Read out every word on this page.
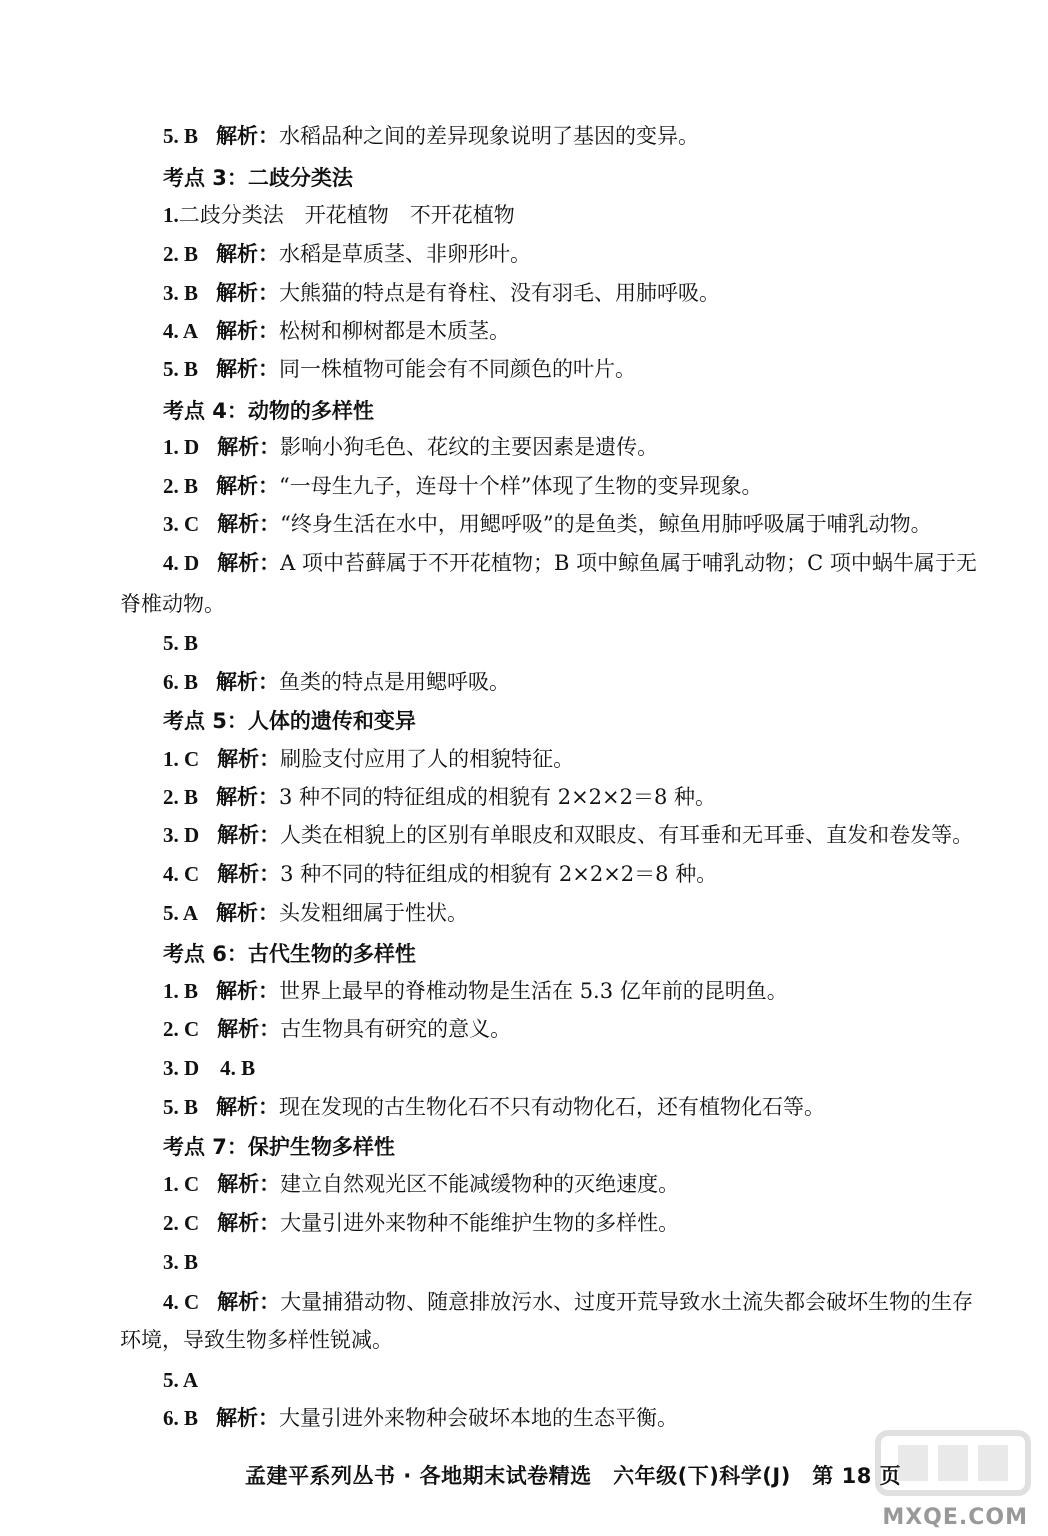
5. B 解析：水稻品种之间的差异现象说明了基因的变异。
考点 3：二歧分类法
1.二歧分类法　开花植物　不开花植物
2. B 解析：水稻是草质茎、非卵形叶。
3. B 解析：大熊猫的特点是有脊柱、没有羽毛、用肺呼吸。
4. A 解析：松树和柳树都是木质茎。
5. B 解析：同一株植物可能会有不同颜色的叶片。
考点 4：动物的多样性
1. D 解析：影响小狗毛色、花纹的主要因素是遗传。
2. B 解析：“一母生九子，连母十个样”体现了生物的变异现象。
3. C 解析：“终身生活在水中，用鳃呼吸”的是鱼类，鲸鱼用肺呼吸属于哺乳动物。
4. D 解析：A 项中苔藓属于不开花植物；B 项中鲸鱼属于哺乳动物；C 项中蜗牛属于无
脊椎动物。
5. B
6. B 解析：鱼类的特点是用鳃呼吸。
考点 5：人体的遗传和变异
1. C 解析：刷脸支付应用了人的相貌特征。
2. B 解析：3 种不同的特征组成的相貌有 2×2×2＝8 种。
3. D 解析：人类在相貌上的区别有单眼皮和双眼皮、有耳垂和无耳垂、直发和卷发等。
4. C 解析：3 种不同的特征组成的相貌有 2×2×2＝8 种。
5. A 解析：头发粗细属于性状。
考点 6：古代生物的多样性
1. B 解析：世界上最早的脊椎动物是生活在 5.3 亿年前的昆明鱼。
2. C 解析：古生物具有研究的意义。
3. D　4. B
5. B 解析：现在发现的古生物化石不只有动物化石，还有植物化石等。
考点 7：保护生物多样性
1. C 解析：建立自然观光区不能减缓物种的灭绝速度。
2. C 解析：大量引进外来物种不能维护生物的多样性。
3. B
4. C 解析：大量捕猎动物、随意排放污水、过度开荒导致水土流失都会破坏生物的生存
环境，导致生物多样性锐减。
5. A
6. B 解析：大量引进外来物种会破坏本地的生态平衡。
孟建平系列丛书 · 各地期末试卷精选　六年级(下)科学(J)　第 18 页
MXQE.COM
